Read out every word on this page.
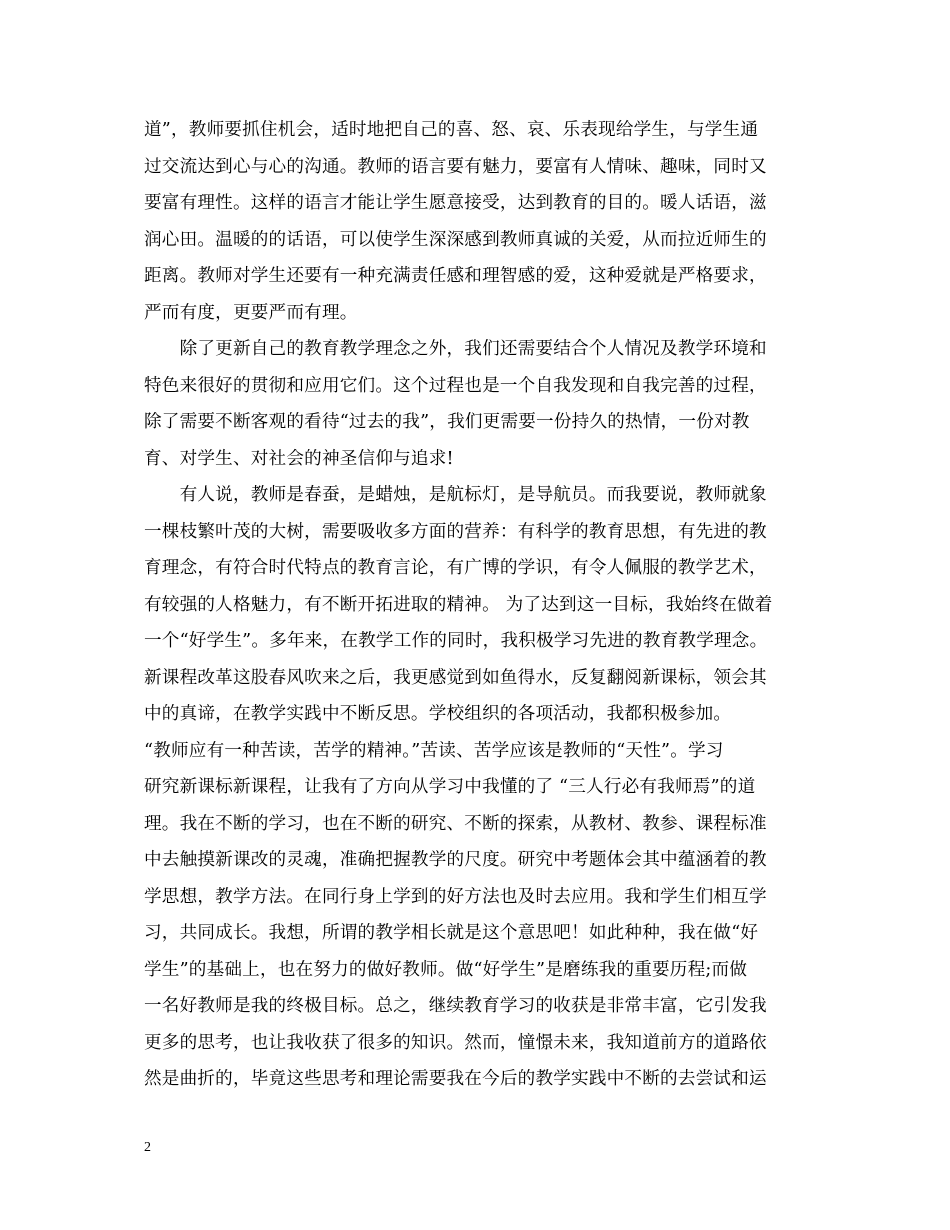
道”，教师要抓住机会，适时地把自己的喜、怒、哀、乐表现给学生，与学生通
过交流达到心与心的沟通。教师的语言要有魅力，要富有人情味、趣味，同时又
要富有理性。这样的语言才能让学生愿意接受，达到教育的目的。暖人话语，滋
润心田。温暖的的话语，可以使学生深深感到教师真诚的关爱，从而拉近师生的
距离。教师对学生还要有一种充满责任感和理智感的爱，这种爱就是严格要求，
严而有度，更要严而有理。
　　除了更新自己的教育教学理念之外，我们还需要结合个人情况及教学环境和
特色来很好的贯彻和应用它们。这个过程也是一个自我发现和自我完善的过程，
除了需要不断客观的看待“过去的我”，我们更需要一份持久的热情，一份对教
育、对学生、对社会的神圣信仰与追求!
　　有人说，教师是春蚕，是蜡烛，是航标灯，是导航员。而我要说，教师就象
一棵枝繁叶茂的大树，需要吸收多方面的营养：有科学的教育思想，有先进的教
育理念，有符合时代特点的教育言论，有广博的学识，有令人佩服的教学艺术，
有较强的人格魅力，有不断开拓进取的精神。 为了达到这一目标，我始终在做着
一个“好学生”。多年来，在教学工作的同时，我积极学习先进的教育教学理念。
新课程改革这股春风吹来之后，我更感觉到如鱼得水，反复翻阅新课标，领会其
中的真谛，在教学实践中不断反思。学校组织的各项活动，我都积极参加。
“教师应有一种苦读，苦学的精神。”苦读、苦学应该是教师的“天性”。学习
研究新课标新课程，让我有了方向从学习中我懂的了 “三人行必有我师焉”的道
理。我在不断的学习，也在不断的研究、不断的探索，从教材、教参、课程标准
中去触摸新课改的灵魂，准确把握教学的尺度。研究中考题体会其中蕴涵着的教
学思想，教学方法。在同行身上学到的好方法也及时去应用。我和学生们相互学
习，共同成长。我想，所谓的教学相长就是这个意思吧！如此种种，我在做“好
学生”的基础上，也在努力的做好教师。做“好学生”是磨练我的重要历程;而做
一名好教师是我的终极目标。总之，继续教育学习的收获是非常丰富，它引发我
更多的思考，也让我收获了很多的知识。然而，憧憬未来，我知道前方的道路依
然是曲折的，毕竟这些思考和理论需要我在今后的教学实践中不断的去尝试和运
2
